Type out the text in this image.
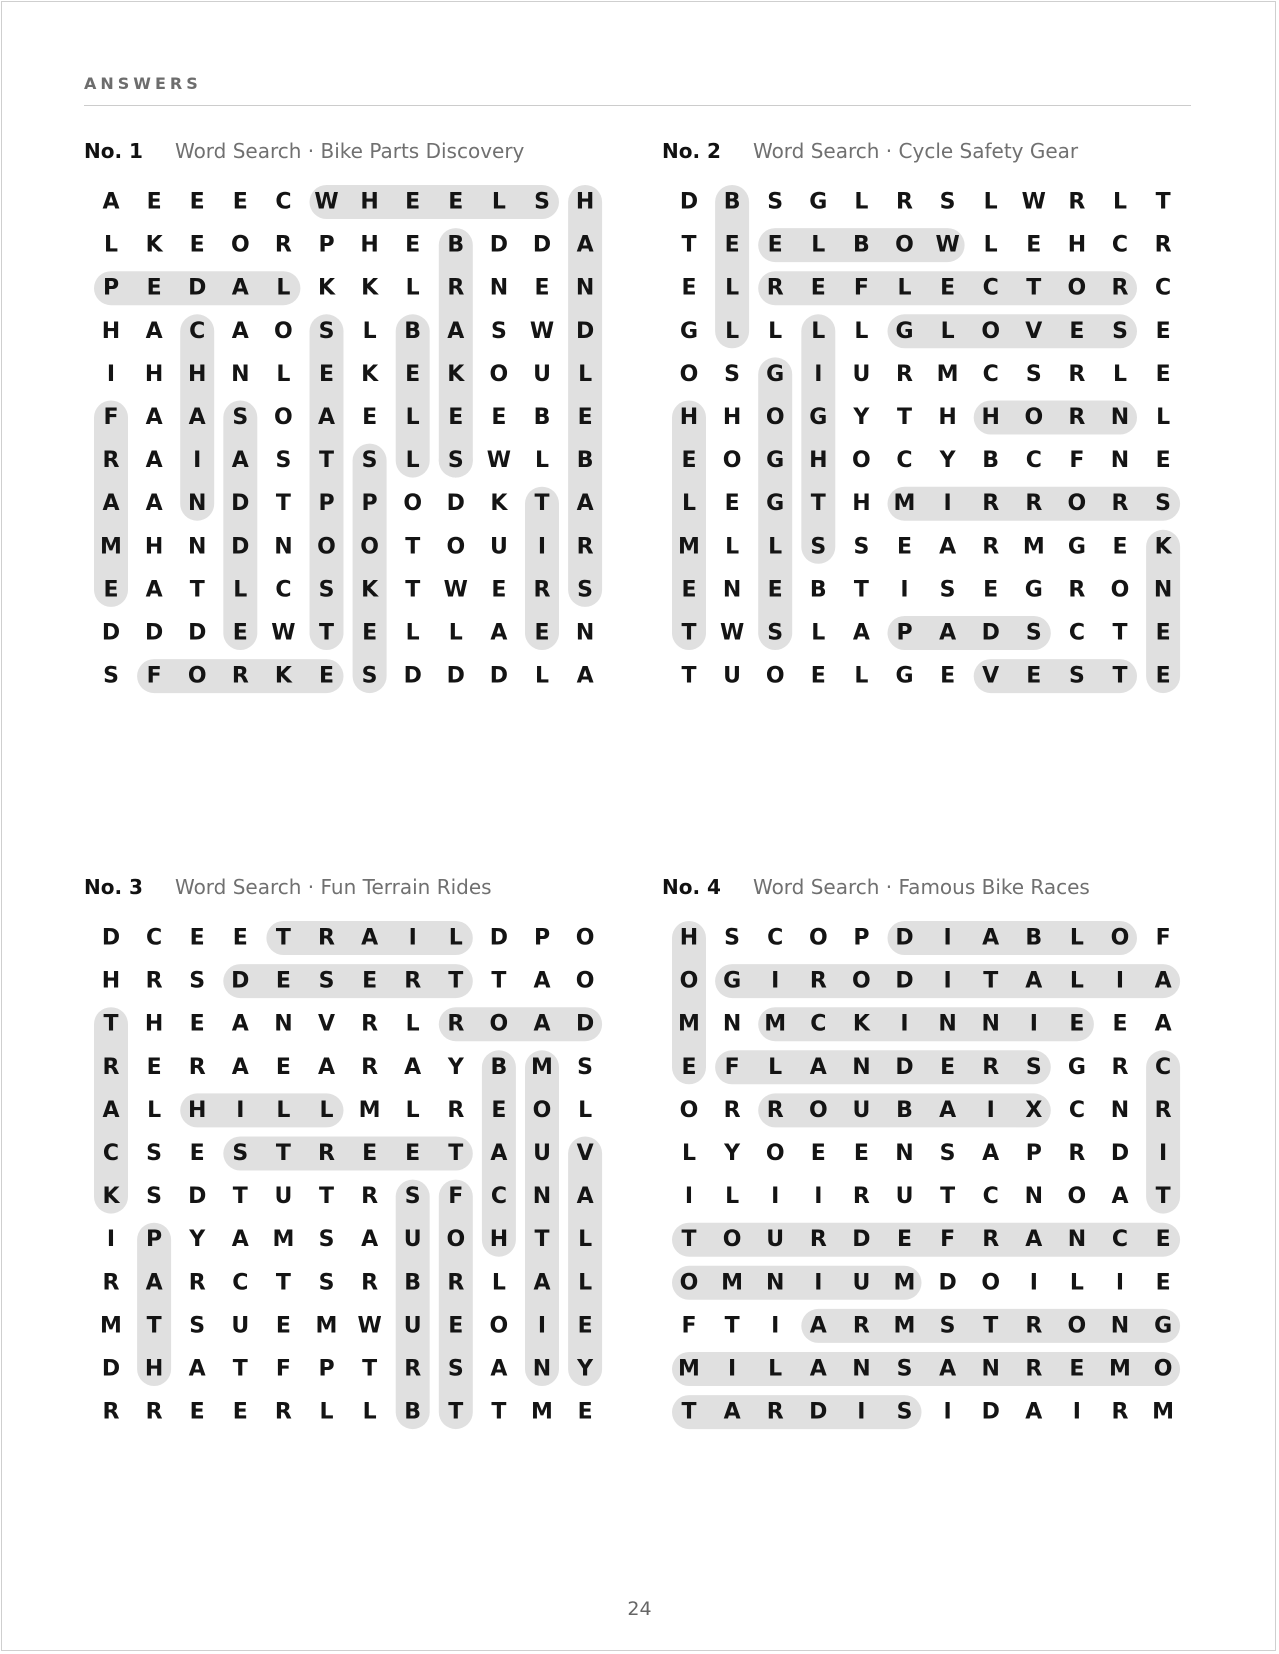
ANSWERS
No. 1 Word Search · Bike Parts Discovery
A E E E C W H E E L S H
L K E O R P H E B D D A
P E D A L K K L R N E N
H A C A O S L B A S W D
I H H N L E K E K O U L
F A A S O A E L E E B E
R A I A S T S L S W L B
A A N D T P P O D K T A
M H N D N O O T O U I R
E A T L C S K T W E R S
D D D E W T E L L A E N
S F O R K E S D D D L A
No. 2 Word Search · Cycle Safety Gear
D B S G L R S L W R L T
T E E L B O W L E H C R
E L R E F L E C T O R C
G L L L L G L O V E S E
O S G I U R M C S R L E
H H O G Y T H H O R N L
E O G H O C Y B C F N E
L E G T H M I R R O R S
M L L S S E A R M G E K
E N E B T I S E G R O N
T W S L A P A D S C T E
T U O E L G E V E S T E
No. 3 Word Search · Fun Terrain Rides
D C E E T R A I L D P O
H R S D E S E R T T A O
T H E A N V R L R O A D
R E R A E A R A Y B M S
A L H I L L M L R E O L
C S E S T R E E T A U V
K S D T U T R S F C N A
I P Y A M S A U O H T L
R A R C T S R B R L A L
M T S U E M W U E O I E
D H A T F P T R S A N Y
R R E E R L L B T T M E
No. 4 Word Search · Famous Bike Races
H S C O P D I A B L O F
O G I R O D I T A L I A
M N M C K I N N I E E A
E F L A N D E R S G R C
O R R O U B A I X C N R
L Y O E E N S A P R D I
I L I I R U T C N O A T
T O U R D E F R A N C E
O M N I U M D O I L I E
F T I A R M S T R O N G
M I L A N S A N R E M O
T A R D I S I D A I R M
24
